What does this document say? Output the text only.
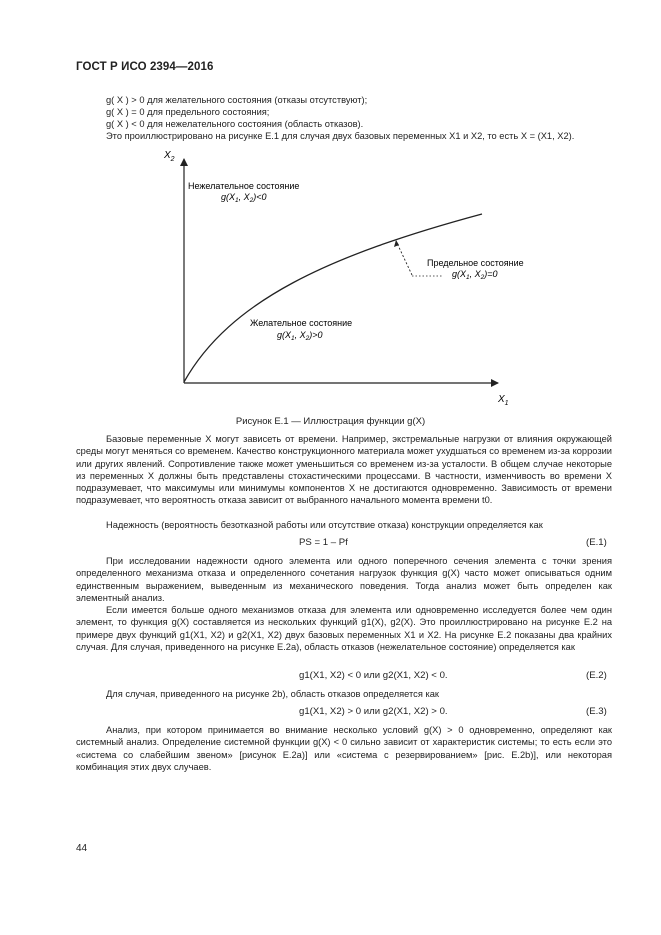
ГОСТ Р ИСО 2394—2016
g( X ) > 0 для желательного состояния (отказы отсутствуют);
g( X ) = 0 для предельного состояния;
g( X ) < 0 для нежелательного состояния (область отказов).
Это проиллюстрировано на рисунке Е.1 для случая двух базовых переменных X1 и X2, то есть X = (X1, X2).
$X_2$
$X_1$
Нежелательное состояние
$g(X_1$, $X_2)<0$
Предельное состояние
$g(X_1$, $X_2)=0$
Желательное состояние
$g(X_1$, $X_2)>0$
Рисунок Е.1 — Иллюстрация функции g(X)
Базовые переменные X могут зависеть от времени. Например, экстремальные нагрузки от влияния окружающей среды могут меняться со временем. Качество конструкционного материала может ухудшаться со временем из-за коррозии или других явлений. Сопротивление также может уменьшиться со временем из-за усталости. В общем случае некоторые из переменных X должны быть представлены стохастическими процессами. В частности, изменчивость во времени X подразумевает, что максимумы или минимумы компонентов X не достигаются одновременно. Зависимость от времени подразумевает, что вероятность отказа зависит от выбранного начального момента времени t0.
Надежность (вероятность безотказной работы или отсутствие отказа) конструкции определяется как
PS = 1 – Pf	(E.1)
При исследовании надежности одного элемента или одного поперечного сечения элемента с точки зрения определенного механизма отказа и определенного сочетания нагрузок функция g(X) часто может описываться одним единственным выражением, выведенным из механического поведения. Тогда анализ может быть определен как элементный анализ.
Если имеется больше одного механизмов отказа для элемента или одновременно исследуется более чем один элемент, то функция g(X) составляется из нескольких функций g1(X), g2(X). Это проиллюстрировано на рисунке Е.2 на примере двух функций g1(X1, X2) и g2(X1, X2) двух базовых переменных X1 и X2. На рисунке Е.2 показаны два крайних случая. Для случая, приведенного на рисунке Е.2а), область отказов (нежелательное состояние) определяется как
g1(X1, X2) < 0 или g2(X1, X2) < 0.	(E.2)
Для случая, приведенного на рисунке 2b), область отказов определяется как
g1(X1, X2) > 0 или g2(X1, X2) > 0.	(E.3)
Анализ, при котором принимается во внимание несколько условий g(X) > 0 одновременно, определяют как системный анализ. Определение системной функции g(X) < 0 сильно зависит от характеристик системы; то есть если это «система со слабейшим звеном» [рисунок Е.2а)] или «система с резервированием» [рис. Е.2b)], или некоторая комбинация этих двух случаев.
44
